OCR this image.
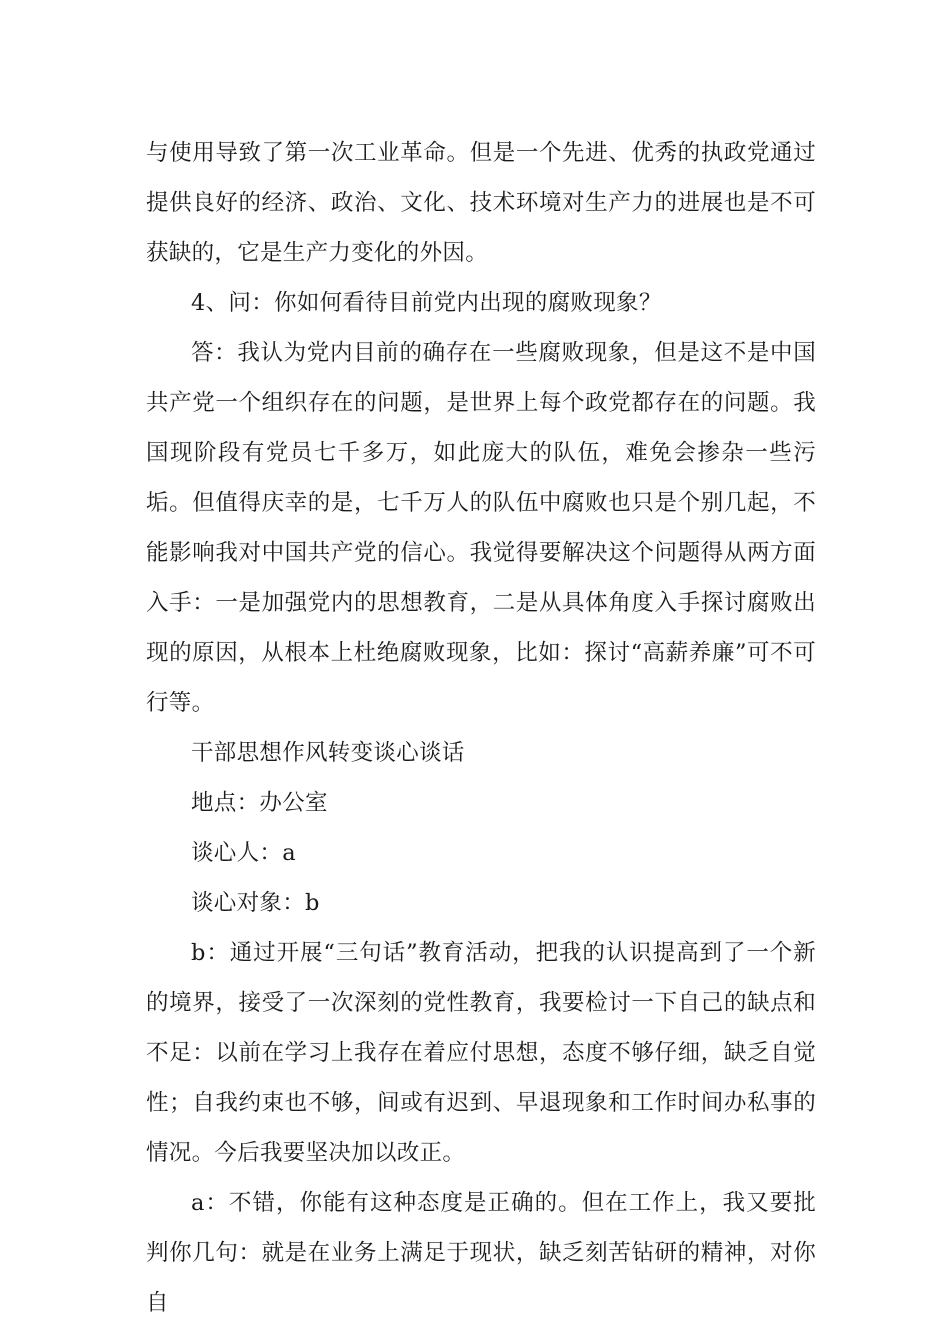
与使用导致了第一次工业革命。但是一个先进、优秀的执政党通过提供良好的经济、政治、文化、技术环境对生产力的进展也是不可获缺的，它是生产力变化的外因。

4、问：你如何看待目前党内出现的腐败现象？

答：我认为党内目前的确存在一些腐败现象，但是这不是中国共产党一个组织存在的问题，是世界上每个政党都存在的问题。我国现阶段有党员七千多万，如此庞大的队伍，难免会掺杂一些污垢。但值得庆幸的是，七千万人的队伍中腐败也只是个别几起，不能影响我对中国共产党的信心。我觉得要解决这个问题得从两方面入手：一是加强党内的思想教育，二是从具体角度入手探讨腐败出现的原因，从根本上杜绝腐败现象，比如：探讨“高薪养廉”可不可行等。

干部思想作风转变谈心谈话

地点：办公室

谈心人：a

谈心对象：b

b：通过开展“三句话”教育活动，把我的认识提高到了一个新的境界，接受了一次深刻的党性教育，我要检讨一下自己的缺点和不足：以前在学习上我存在着应付思想，态度不够仔细，缺乏自觉性；自我约束也不够，间或有迟到、早退现象和工作时间办私事的情况。今后我要坚决加以改正。

a：不错，你能有这种态度是正确的。但在工作上，我又要批判你几句：就是在业务上满足于现状，缺乏刻苦钻研的精神，对你自
